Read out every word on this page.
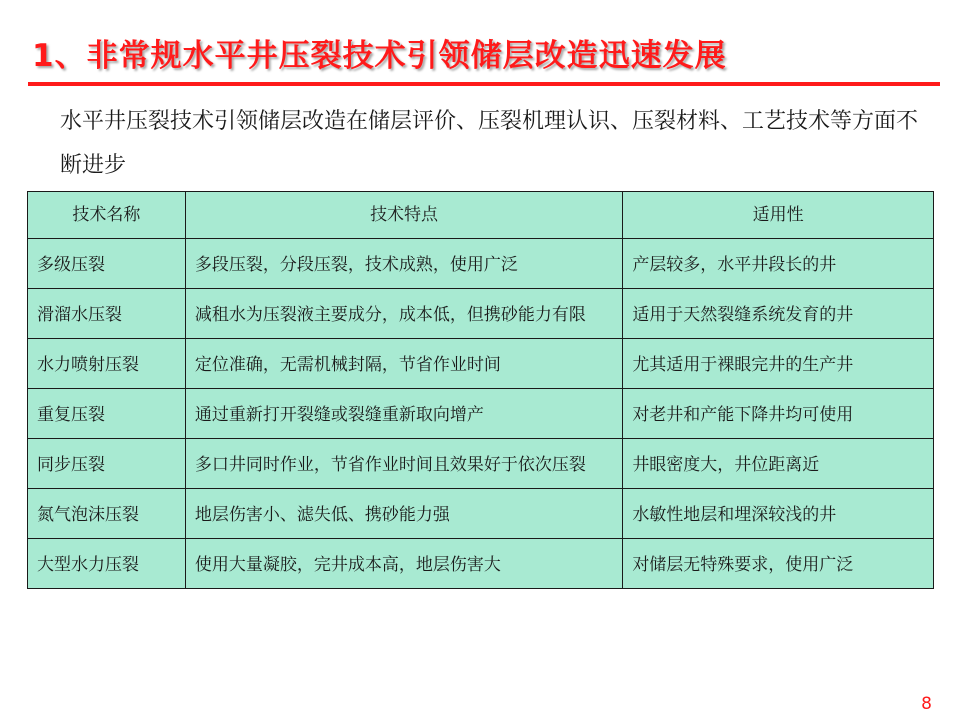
1、非常规水平井压裂技术引领储层改造迅速发展

水平井压裂技术引领储层改造在储层评价、压裂机理认识、压裂材料、工艺技术等方面不断进步

技术名称	技术特点	适用性
多级压裂	多段压裂，分段压裂，技术成熟，使用广泛	产层较多，水平井段长的井
滑溜水压裂	减租水为压裂液主要成分，成本低，但携砂能力有限	适用于天然裂缝系统发育的井
水力喷射压裂	定位准确，无需机械封隔，节省作业时间	尤其适用于裸眼完井的生产井
重复压裂	通过重新打开裂缝或裂缝重新取向增产	对老井和产能下降井均可使用
同步压裂	多口井同时作业，节省作业时间且效果好于依次压裂	井眼密度大，井位距离近
氮气泡沫压裂	地层伤害小、滤失低、携砂能力强	水敏性地层和埋深较浅的井
大型水力压裂	使用大量凝胶，完井成本高，地层伤害大	对储层无特殊要求，使用广泛
8
